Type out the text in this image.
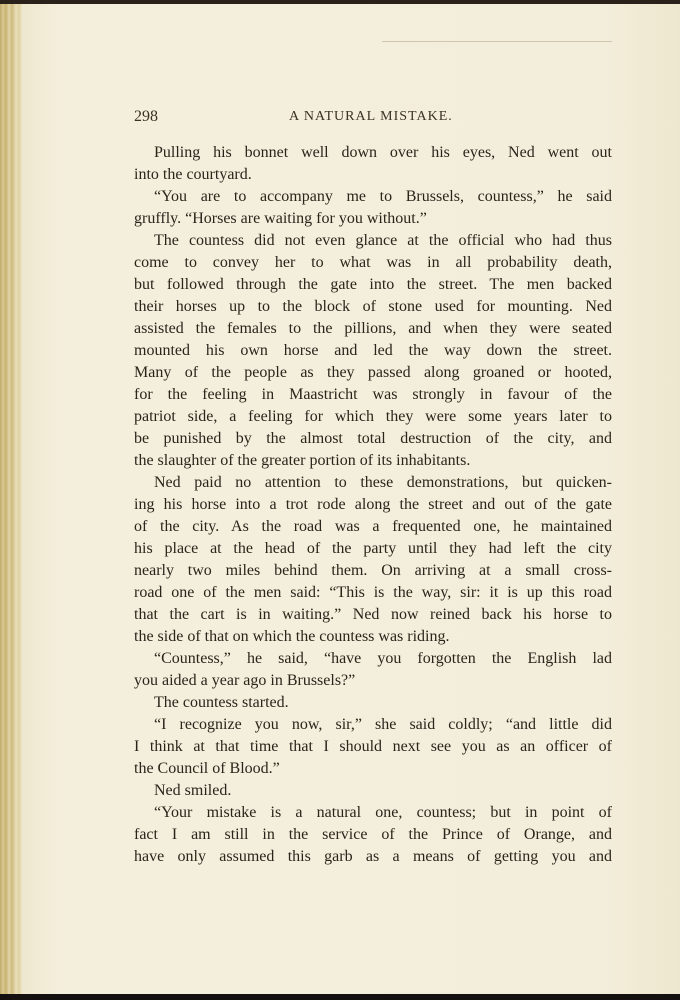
298	A NATURAL MISTAKE.
Pulling his bonnet well down over his eyes, Ned went out
into the courtyard.
“You are to accompany me to Brussels, countess,” he said
gruffly. “Horses are waiting for you without.”
The countess did not even glance at the official who had thus
come to convey her to what was in all probability death,
but followed through the gate into the street. The men backed
their horses up to the block of stone used for mounting. Ned
assisted the females to the pillions, and when they were seated
mounted his own horse and led the way down the street.
Many of the people as they passed along groaned or hooted,
for the feeling in Maastricht was strongly in favour of the
patriot side, a feeling for which they were some years later to
be punished by the almost total destruction of the city, and
the slaughter of the greater portion of its inhabitants.
Ned paid no attention to these demonstrations, but quicken-
ing his horse into a trot rode along the street and out of the gate
of the city. As the road was a frequented one, he maintained
his place at the head of the party until they had left the city
nearly two miles behind them. On arriving at a small cross-
road one of the men said: “This is the way, sir: it is up this road
that the cart is in waiting.” Ned now reined back his horse to
the side of that on which the countess was riding.
“Countess,” he said, “have you forgotten the English lad
you aided a year ago in Brussels?”
The countess started.
“I recognize you now, sir,” she said coldly; “and little did
I think at that time that I should next see you as an officer of
the Council of Blood.”
Ned smiled.
“Your mistake is a natural one, countess; but in point of
fact I am still in the service of the Prince of Orange, and
have only assumed this garb as a means of getting you and
